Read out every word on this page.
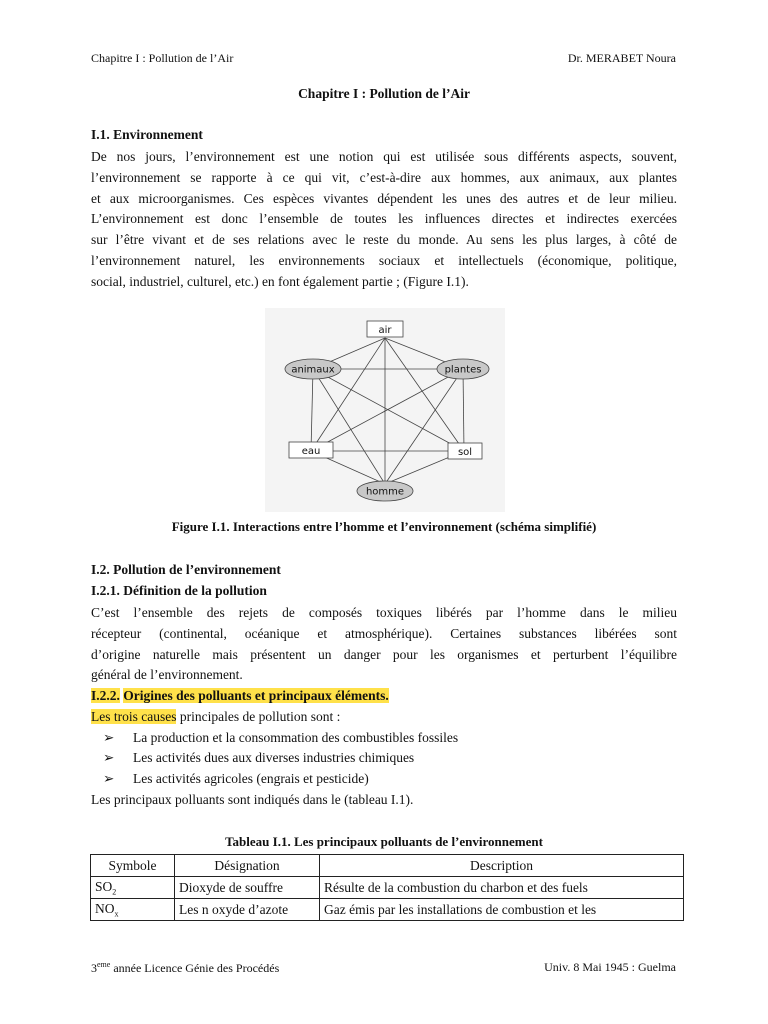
Chapitre I : Pollution de l’Air	Dr. MERABET Noura
Chapitre I : Pollution de l’Air
I.1. Environnement
De nos jours, l’environnement est une notion qui est utilisée sous différents aspects, souvent,
l’environnement se rapporte à ce qui vit, c’est-à-dire aux hommes, aux animaux, aux plantes
et aux microorganismes. Ces espèces vivantes dépendent les unes des autres et de leur milieu.
L’environnement est donc l’ensemble de toutes les influences directes et indirectes exercées
sur l’être vivant et de ses relations avec le reste du monde. Au sens les plus larges, à côté de
l’environnement naturel, les environnements sociaux et intellectuels (économique, politique,
social, industriel, culturel, etc.) en font également partie ; (Figure I.1).
air
animaux	plantes
eau	sol
homme
Figure I.1. Interactions entre l’homme et l’environnement (schéma simplifié)
I.2. Pollution de l’environnement
I.2.1. Définition de la pollution
C’est l’ensemble des rejets de composés toxiques libérés par l’homme dans le milieu
récepteur (continental, océanique et atmosphérique). Certaines substances libérées sont
d’origine naturelle mais présentent un danger pour les organismes et perturbent l’équilibre
général de l’environnement.
I.2.2. Origines des polluants et principaux éléments.
Les trois causes principales de pollution sont :
➢ La production et la consommation des combustibles fossiles
➢ Les activités dues aux diverses industries chimiques
➢ Les activités agricoles (engrais et pesticide)
Les principaux polluants sont indiqués dans le (tableau I.1).
Tableau I.1. Les principaux polluants de l’environnement
Symbole	Désignation	Description
$SO_2$	Dioxyde de souffre	Résulte de la combustion du charbon et des fuels
$NO_x$	Les n oxyde d’azote	Gaz émis par les installations de combustion et les
3eme année Licence Génie des Procédés	Univ. 8 Mai 1945 : Guelma
